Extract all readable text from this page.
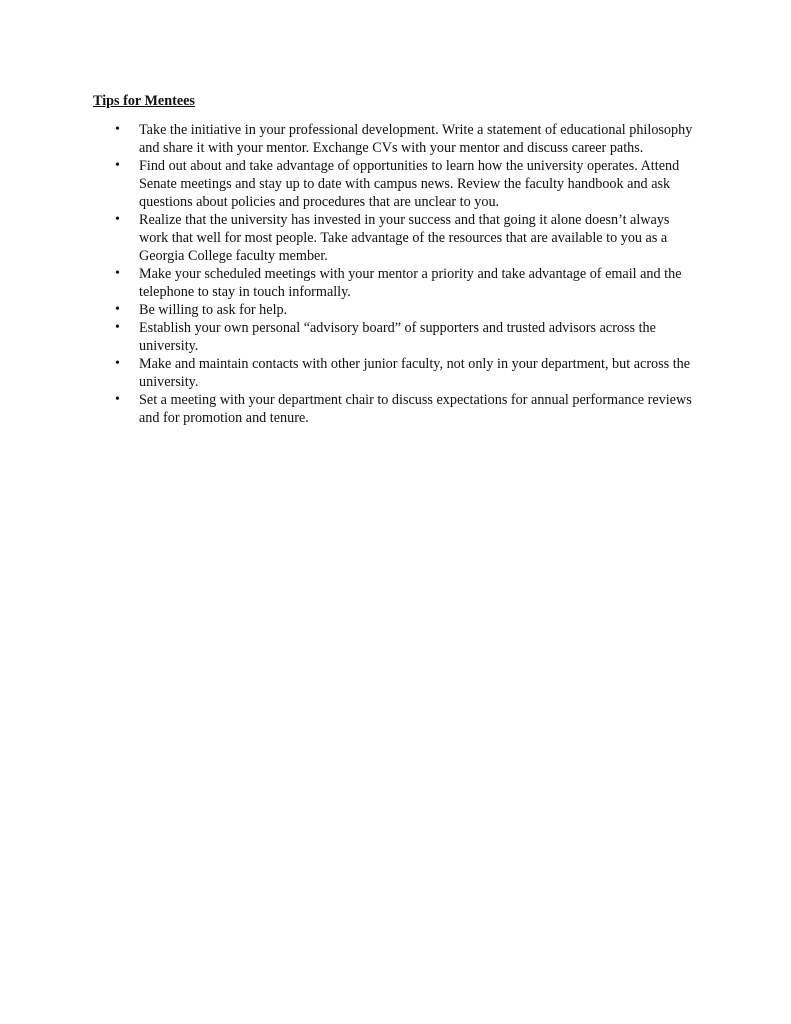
Tips for Mentees
• Take the initiative in your professional development. Write a statement of educational philosophy and share it with your mentor. Exchange CVs with your mentor and discuss career paths.
• Find out about and take advantage of opportunities to learn how the university operates. Attend Senate meetings and stay up to date with campus news. Review the faculty handbook and ask questions about policies and procedures that are unclear to you.
• Realize that the university has invested in your success and that going it alone doesn’t always work that well for most people. Take advantage of the resources that are available to you as a Georgia College faculty member.
• Make your scheduled meetings with your mentor a priority and take advantage of email and the telephone to stay in touch informally.
• Be willing to ask for help.
• Establish your own personal “advisory board” of supporters and trusted advisors across the university.
• Make and maintain contacts with other junior faculty, not only in your department, but across the university.
• Set a meeting with your department chair to discuss expectations for annual performance reviews and for promotion and tenure.
